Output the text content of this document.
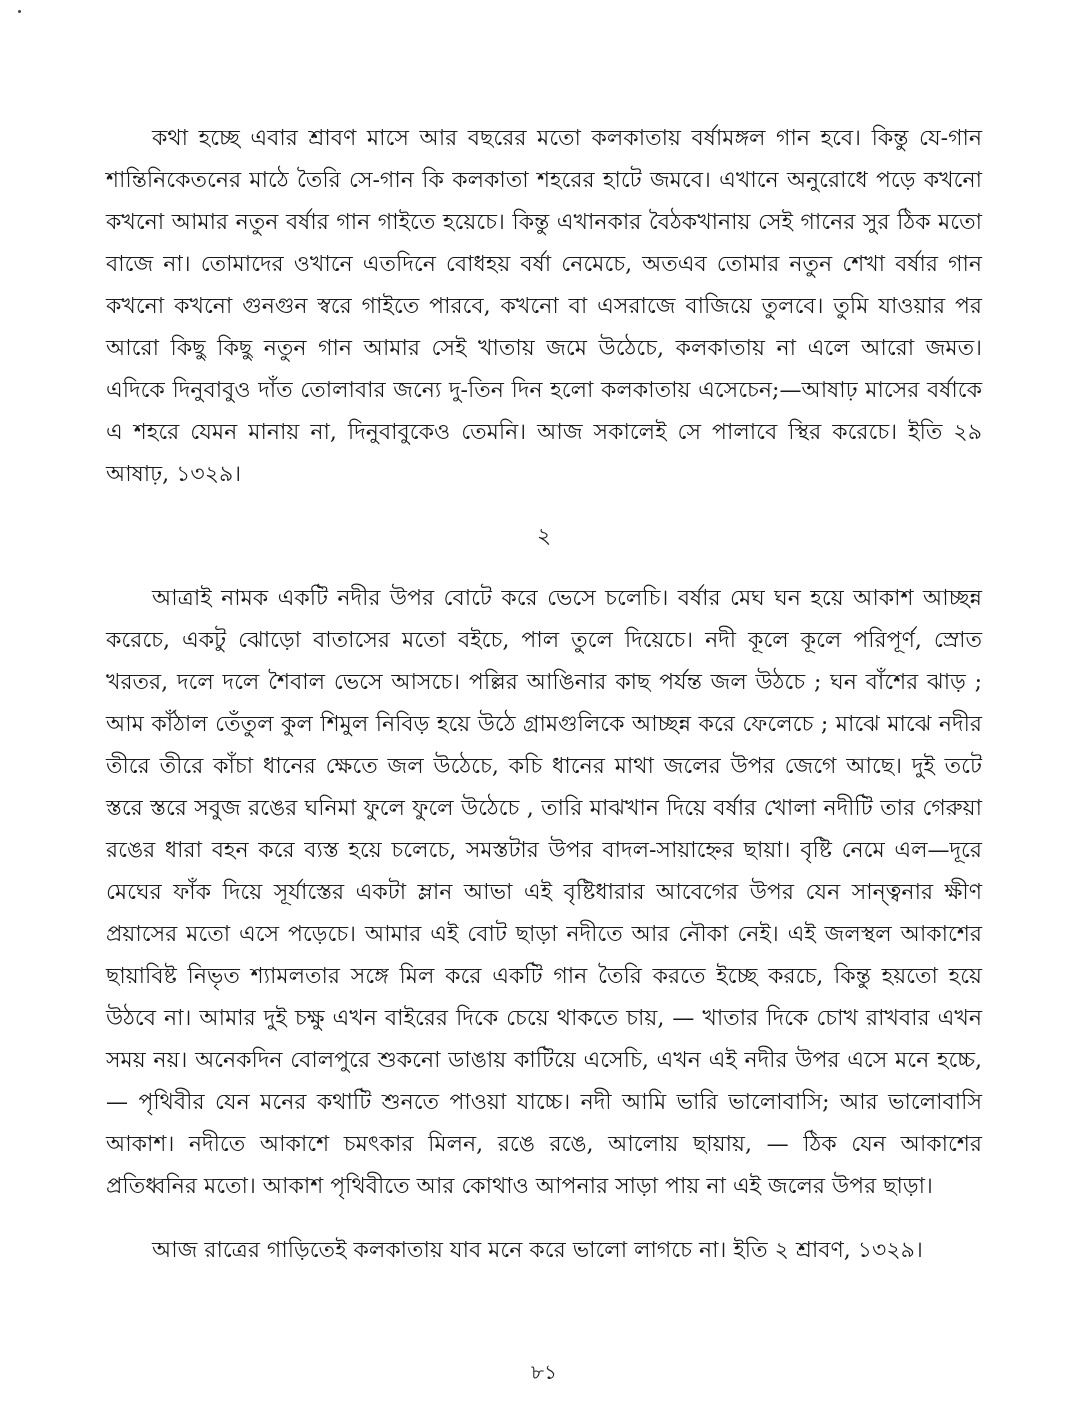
কথা হচ্ছে এবার শ্রাবণ মাসে আর বছরের মতো কলকাতায় বর্ষামঙ্গল গান হবে। কিন্তু যে-গান শান্তিনিকেতনের মাঠে তৈরি সে-গান কি কলকাতা শহরের হাটে জমবে। এখানে অনুরোধে পড়ে কখনো কখনো আমার নতুন বর্ষার গান গাইতে হয়েচে। কিন্তু এখানকার বৈঠকখানায় সেই গানের সুর ঠিক মতো বাজে না। তোমাদের ওখানে এতদিনে বোধহয় বর্ষা নেমেচে, অতএব তোমার নতুন শেখা বর্ষার গান কখনো কখনো গুনগুন স্বরে গাইতে পারবে, কখনো বা এসরাজে বাজিয়ে তুলবে। তুমি যাওয়ার পর আরো কিছু কিছু নতুন গান আমার সেই খাতায় জমে উঠেচে, কলকাতায় না এলে আরো জমত। এদিকে দিনুবাবুও দাঁত তোলাবার জন্যে দু-তিন দিন হলো কলকাতায় এসেচেন;—আষাঢ় মাসের বর্ষাকে এ শহরে যেমন মানায় না, দিনুবাবুকেও তেমনি। আজ সকালেই সে পালাবে স্থির করেচে। ইতি ২৯ আষাঢ়, ১৩২৯।

২

আত্রাই নামক একটি নদীর উপর বোটে করে ভেসে চলেচি। বর্ষার মেঘ ঘন হয়ে আকাশ আচ্ছন্ন করেচে, একটু ঝোড়ো বাতাসের মতো বইচে, পাল তুলে দিয়েচে। নদী কূলে কূলে পরিপূর্ণ, স্রোত খরতর, দলে দলে শৈবাল ভেসে আসচে। পল্লির আঙিনার কাছ পর্যন্ত জল উঠচে ; ঘন বাঁশের ঝাড় ; আম কাঁঠাল তেঁতুল কুল শিমুল নিবিড় হয়ে উঠে গ্রামগুলিকে আচ্ছন্ন করে ফেলেচে ; মাঝে মাঝে নদীর তীরে তীরে কাঁচা ধানের ক্ষেতে জল উঠেচে, কচি ধানের মাথা জলের উপর জেগে আছে। দুই তটে স্তরে স্তরে সবুজ রঙের ঘনিমা ফুলে ফুলে উঠেচে , তারি মাঝখান দিয়ে বর্ষার খোলা নদীটি তার গেরুয়া রঙের ধারা বহন করে ব্যস্ত হয়ে চলেচে, সমস্তটার উপর বাদল-সায়াহ্নের ছায়া। বৃষ্টি নেমে এল—দূরে মেঘের ফাঁক দিয়ে সূর্যাস্তের একটা ম্লান আভা এই বৃষ্টিধারার আবেগের উপর যেন সান্ত্বনার ক্ষীণ প্রয়াসের মতো এসে পড়েচে। আমার এই বোট ছাড়া নদীতে আর নৌকা নেই। এই জলস্থল আকাশের ছায়াবিষ্ট নিভৃত শ্যামলতার সঙ্গে মিল করে একটি গান তৈরি করতে ইচ্ছে করচে, কিন্তু হয়তো হয়ে উঠবে না। আমার দুই চক্ষু এখন বাইরের দিকে চেয়ে থাকতে চায়, — খাতার দিকে চোখ রাখবার এখন সময় নয়। অনেকদিন বোলপুরে শুকনো ডাঙায় কাটিয়ে এসেচি, এখন এই নদীর উপর এসে মনে হচ্চে,— পৃথিবীর যেন মনের কথাটি শুনতে পাওয়া যাচ্চে। নদী আমি ভারি ভালোবাসি; আর ভালোবাসি আকাশ। নদীতে আকাশে চমৎকার মিলন, রঙে রঙে, আলোয় ছায়ায়, — ঠিক যেন আকাশের প্রতিধ্বনির মতো। আকাশ পৃথিবীতে আর কোথাও আপনার সাড়া পায় না এই জলের উপর ছাড়া।

আজ রাত্রের গাড়িতেই কলকাতায় যাব মনে করে ভালো লাগচে না। ইতি ২ শ্রাবণ, ১৩২৯।

৮১
